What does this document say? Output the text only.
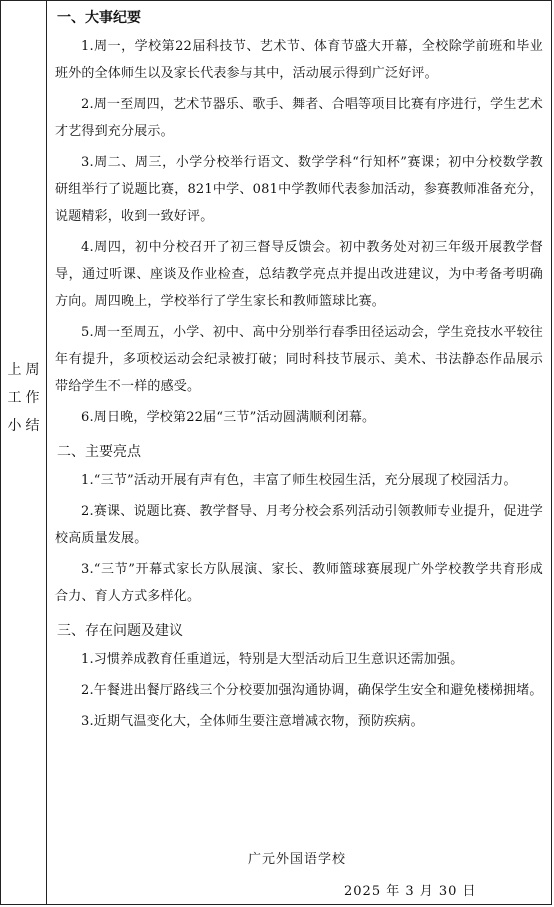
上周工作小结
一、大事纪要

1.周一，学校第22届科技节、艺术节、体育节盛大开幕，全校除学前班和毕业班外的全体师生以及家长代表参与其中，活动展示得到广泛好评。

2.周一至周四，艺术节器乐、歌手、舞者、合唱等项目比赛有序进行，学生艺术才艺得到充分展示。

3.周二、周三，小学分校举行语文、数学学科“行知杯”赛课；初中分校数学教研组举行了说题比赛，821中学、081中学教师代表参加活动，参赛教师准备充分，说题精彩，收到一致好评。

4.周四，初中分校召开了初三督导反馈会。初中教务处对初三年级开展教学督导，通过听课、座谈及作业检查，总结教学亮点并提出改进建议，为中考备考明确方向。周四晚上，学校举行了学生家长和教师篮球比赛。

5.周一至周五，小学、初中、高中分别举行春季田径运动会，学生竞技水平较往年有提升，多项校运动会纪录被打破；同时科技节展示、美术、书法静态作品展示带给学生不一样的感受。

6.周日晚，学校第22届“三节”活动圆满顺利闭幕。

二、主要亮点

1.“三节”活动开展有声有色，丰富了师生校园生活，充分展现了校园活力。

2.赛课、说题比赛、教学督导、月考分校会系列活动引领教师专业提升，促进学校高质量发展。

3.“三节”开幕式家长方队展演、家长、教师篮球赛展现广外学校教学共育形成合力、育人方式多样化。

三、存在问题及建议

1.习惯养成教育任重道远，特别是大型活动后卫生意识还需加强。

2.午餐进出餐厅路线三个分校要加强沟通协调，确保学生安全和避免楼梯拥堵。

3.近期气温变化大，全体师生要注意增减衣物，预防疾病。

广元外国语学校
2025 年 3 月 30 日
